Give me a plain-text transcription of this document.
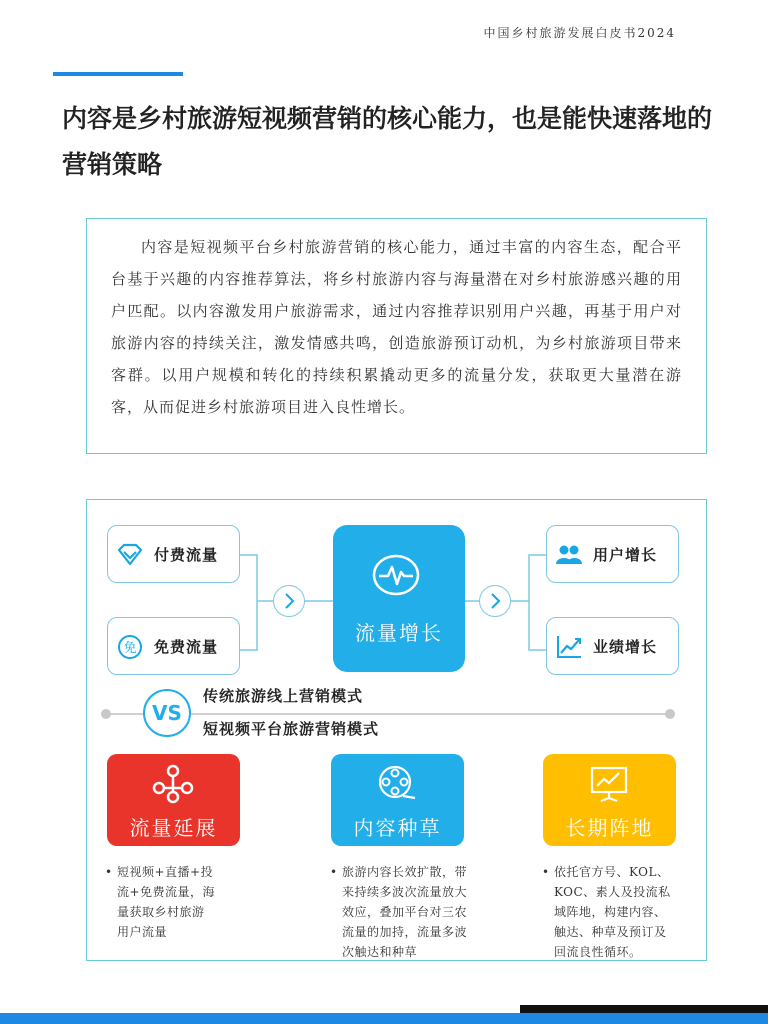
中国乡村旅游发展白皮书2024
内容是乡村旅游短视频营销的核心能力，也是能快速落地的营销策略

内容是短视频平台乡村旅游营销的核心能力，通过丰富的内容生态，配合平台基于兴趣的内容推荐算法，将乡村旅游内容与海量潜在对乡村旅游感兴趣的用户匹配。以内容激发用户旅游需求，通过内容推荐识别用户兴趣，再基于用户对旅游内容的持续关注，激发情感共鸣，创造旅游预订动机，为乡村旅游项目带来客群。以用户规模和转化的持续积累撬动更多的流量分发，获取更大量潜在游客，从而促进乡村旅游项目进入良性增长。

付费流量
免 免费流量
流量增长
用户增长
业绩增长
VS
传统旅游线上营销模式
短视频平台旅游营销模式
流量延展	内容种草	长期阵地
• 短视频+直播+投
流+免费流量，海
量获取乡村旅游
用户流量
• 旅游内容长效扩散，带
来持续多波次流量放大
效应，叠加平台对三农
流量的加持，流量多波
次触达和种草
• 依托官方号、KOL、
KOC、素人及投流私
域阵地，构建内容、
触达、种草及预订及
回流良性循环。
